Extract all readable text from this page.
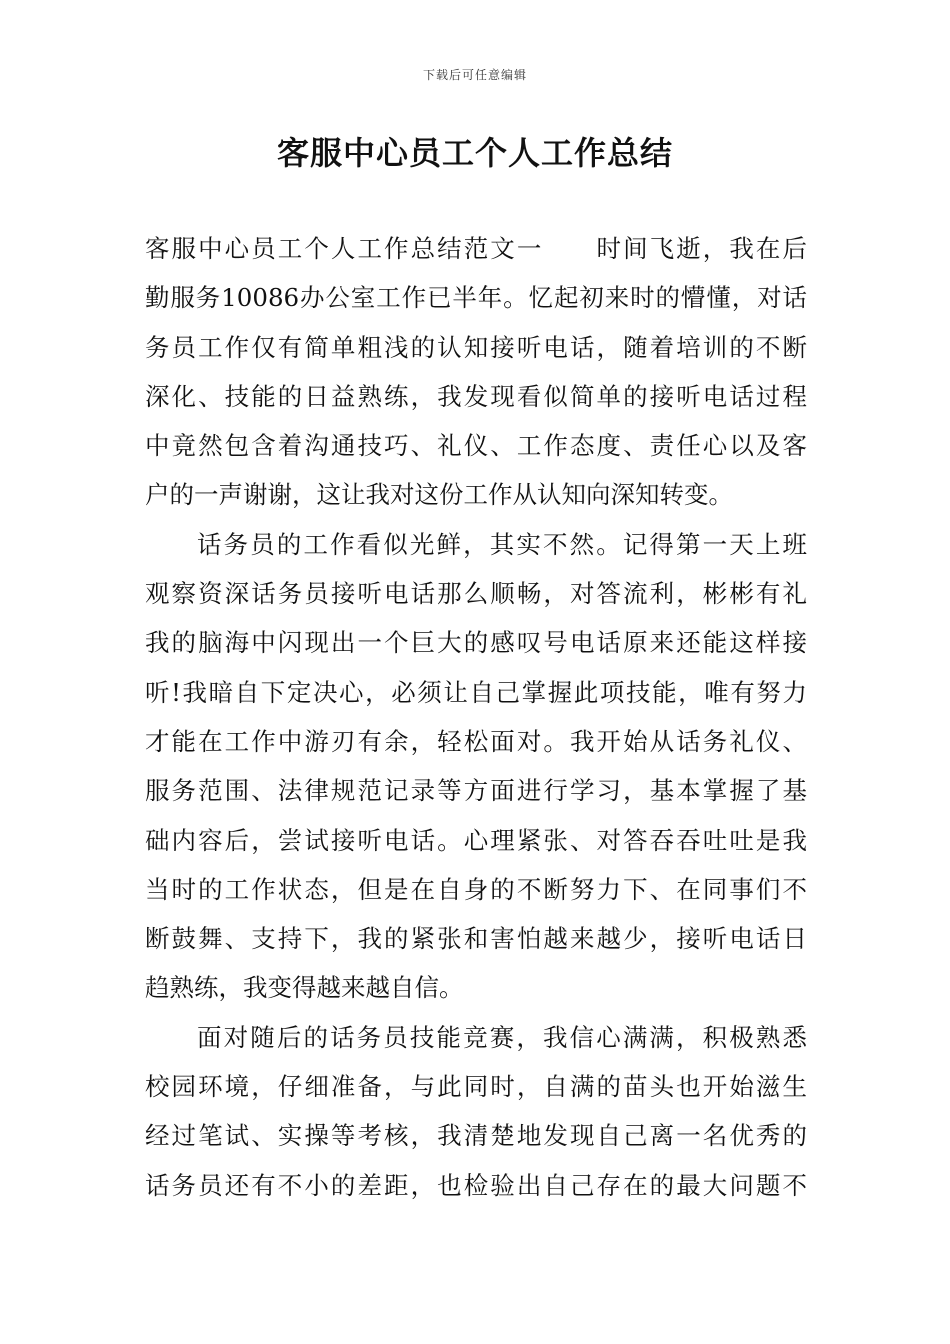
下载后可任意编辑
客服中心员工个人工作总结
客服中心员工个人工作总结范文一　　时间飞逝，我在后
勤服务10086办公室工作已半年。忆起初来时的懵懂，对话
务员工作仅有简单粗浅的认知接听电话，随着培训的不断
深化、技能的日益熟练，我发现看似简单的接听电话过程
中竟然包含着沟通技巧、礼仪、工作态度、责任心以及客
户的一声谢谢，这让我对这份工作从认知向深知转变。
话务员的工作看似光鲜，其实不然。记得第一天上班
观察资深话务员接听电话那么顺畅，对答流利，彬彬有礼
我的脑海中闪现出一个巨大的感叹号电话原来还能这样接
听!我暗自下定决心，必须让自己掌握此项技能，唯有努力
才能在工作中游刃有余，轻松面对。我开始从话务礼仪、
服务范围、法律规范记录等方面进行学习，基本掌握了基
础内容后，尝试接听电话。心理紧张、对答吞吞吐吐是我
当时的工作状态，但是在自身的不断努力下、在同事们不
断鼓舞、支持下，我的紧张和害怕越来越少，接听电话日
趋熟练，我变得越来越自信。
面对随后的话务员技能竞赛，我信心满满，积极熟悉
校园环境，仔细准备，与此同时，自满的苗头也开始滋生
经过笔试、实操等考核，我清楚地发现自己离一名优秀的
话务员还有不小的差距，也检验出自己存在的最大问题不
